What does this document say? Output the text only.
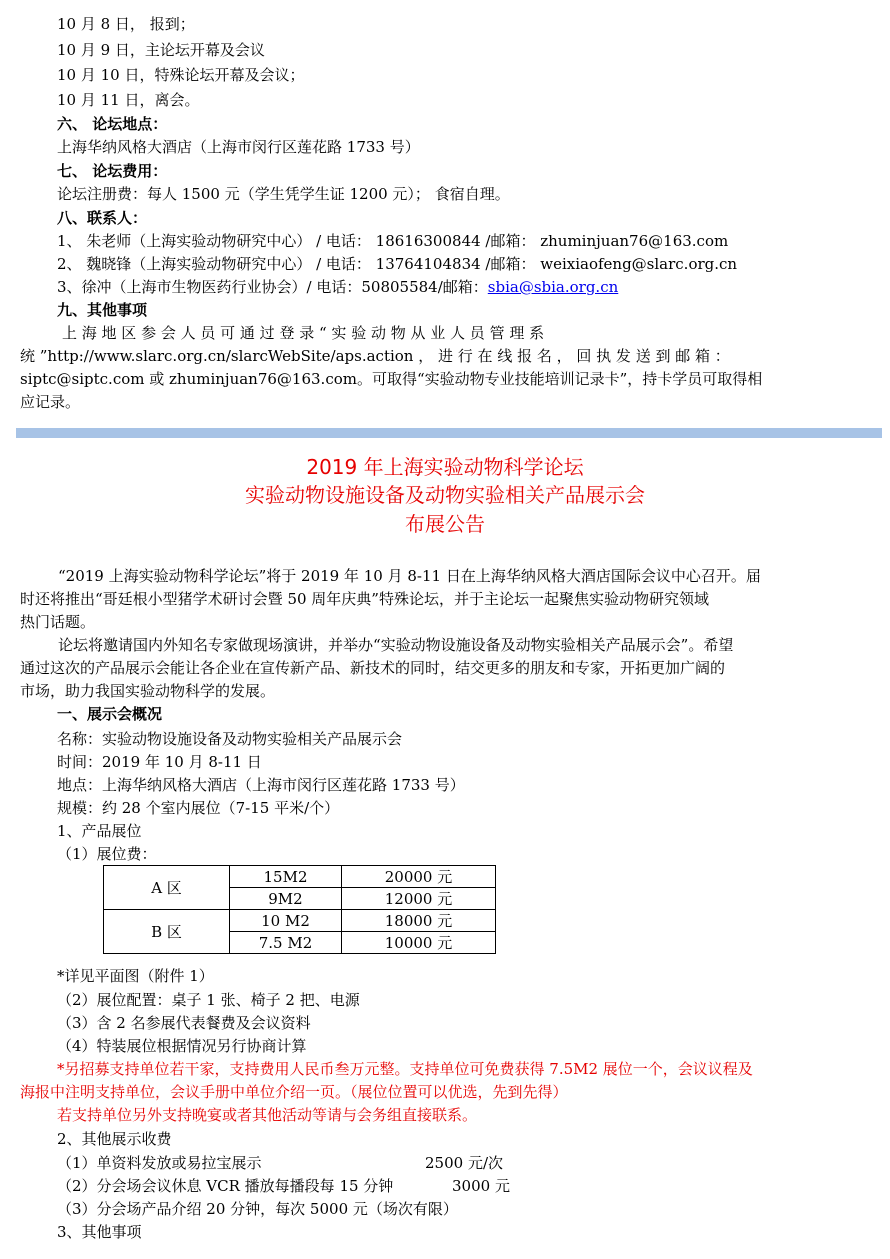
10 月 8 日， 报到；
10 月 9 日，主论坛开幕及会议
10 月 10 日，特殊论坛开幕及会议；
10 月 11 日，离会。
六、 论坛地点：
上海华纳风格大酒店（上海市闵行区莲花路 1733 号）
七、 论坛费用：
论坛注册费：每人 1500 元（学生凭学生证 1200 元）； 食宿自理。
八、联系人：
1、 朱老师（上海实验动物研究中心） / 电话： 18616300844 /邮箱： zhuminjuan76@163.com
2、 魏晓锋（上海实验动物研究中心） / 电话： 13764104834 /邮箱： weixiaofeng@slarc.org.cn
3、徐冲（上海市生物医药行业协会）/ 电话：50805584/邮箱：sbia@sbia.org.cn
九、其他事项
上 海 地 区 参 会 人 员 可 通 过 登 录 “ 实 验 动 物 从 业 人 员 管 理 系
统 ”http://www.slarc.org.cn/slarcWebSite/aps.action ， 进 行 在 线 报 名 ， 回 执 发 送 到 邮 箱 ：
siptc@siptc.com 或 zhuminjuan76@163.com。可取得“实验动物专业技能培训记录卡”，持卡学员可取得相
应记录。
2019 年上海实验动物科学论坛
实验动物设施设备及动物实验相关产品展示会
布展公告
“2019 上海实验动物科学论坛”将于 2019 年 10 月 8-11 日在上海华纳风格大酒店国际会议中心召开。届
时还将推出“哥廷根小型猪学术研讨会暨 50 周年庆典”特殊论坛，并于主论坛一起聚焦实验动物研究领域
热门话题。
论坛将邀请国内外知名专家做现场演讲，并举办“实验动物设施设备及动物实验相关产品展示会”。希望
通过这次的产品展示会能让各企业在宣传新产品、新技术的同时，结交更多的朋友和专家，开拓更加广阔的
市场，助力我国实验动物科学的发展。
一、展示会概况
名称：实验动物设施设备及动物实验相关产品展示会
时间：2019 年 10 月 8-11 日
地点：上海华纳风格大酒店（上海市闵行区莲花路 1733 号）
规模：约 28 个室内展位（7-15 平米/个）
1、产品展位
（1）展位费：
A 区	15M2	20000 元
	9M2	12000 元
B 区	10 M2	18000 元
	7.5 M2	10000 元
*详见平面图（附件 1）
（2）展位配置：桌子 1 张、椅子 2 把、电源
（3）含 2 名参展代表餐费及会议资料
（4）特装展位根据情况另行协商计算
*另招募支持单位若干家，支持费用人民币叁万元整。支持单位可免费获得 7.5M2 展位一个，会议议程及
海报中注明支持单位，会议手册中单位介绍一页。（展位位置可以优选，先到先得）
若支持单位另外支持晚宴或者其他活动等请与会务组直接联系。
2、其他展示收费
（1）单资料发放或易拉宝展示	2500 元/次
（2）分会场会议休息 VCR 播放每播段每 15 分钟	3000 元
（3）分会场产品介绍 20 分钟，每次 5000 元（场次有限）
3、其他事项
